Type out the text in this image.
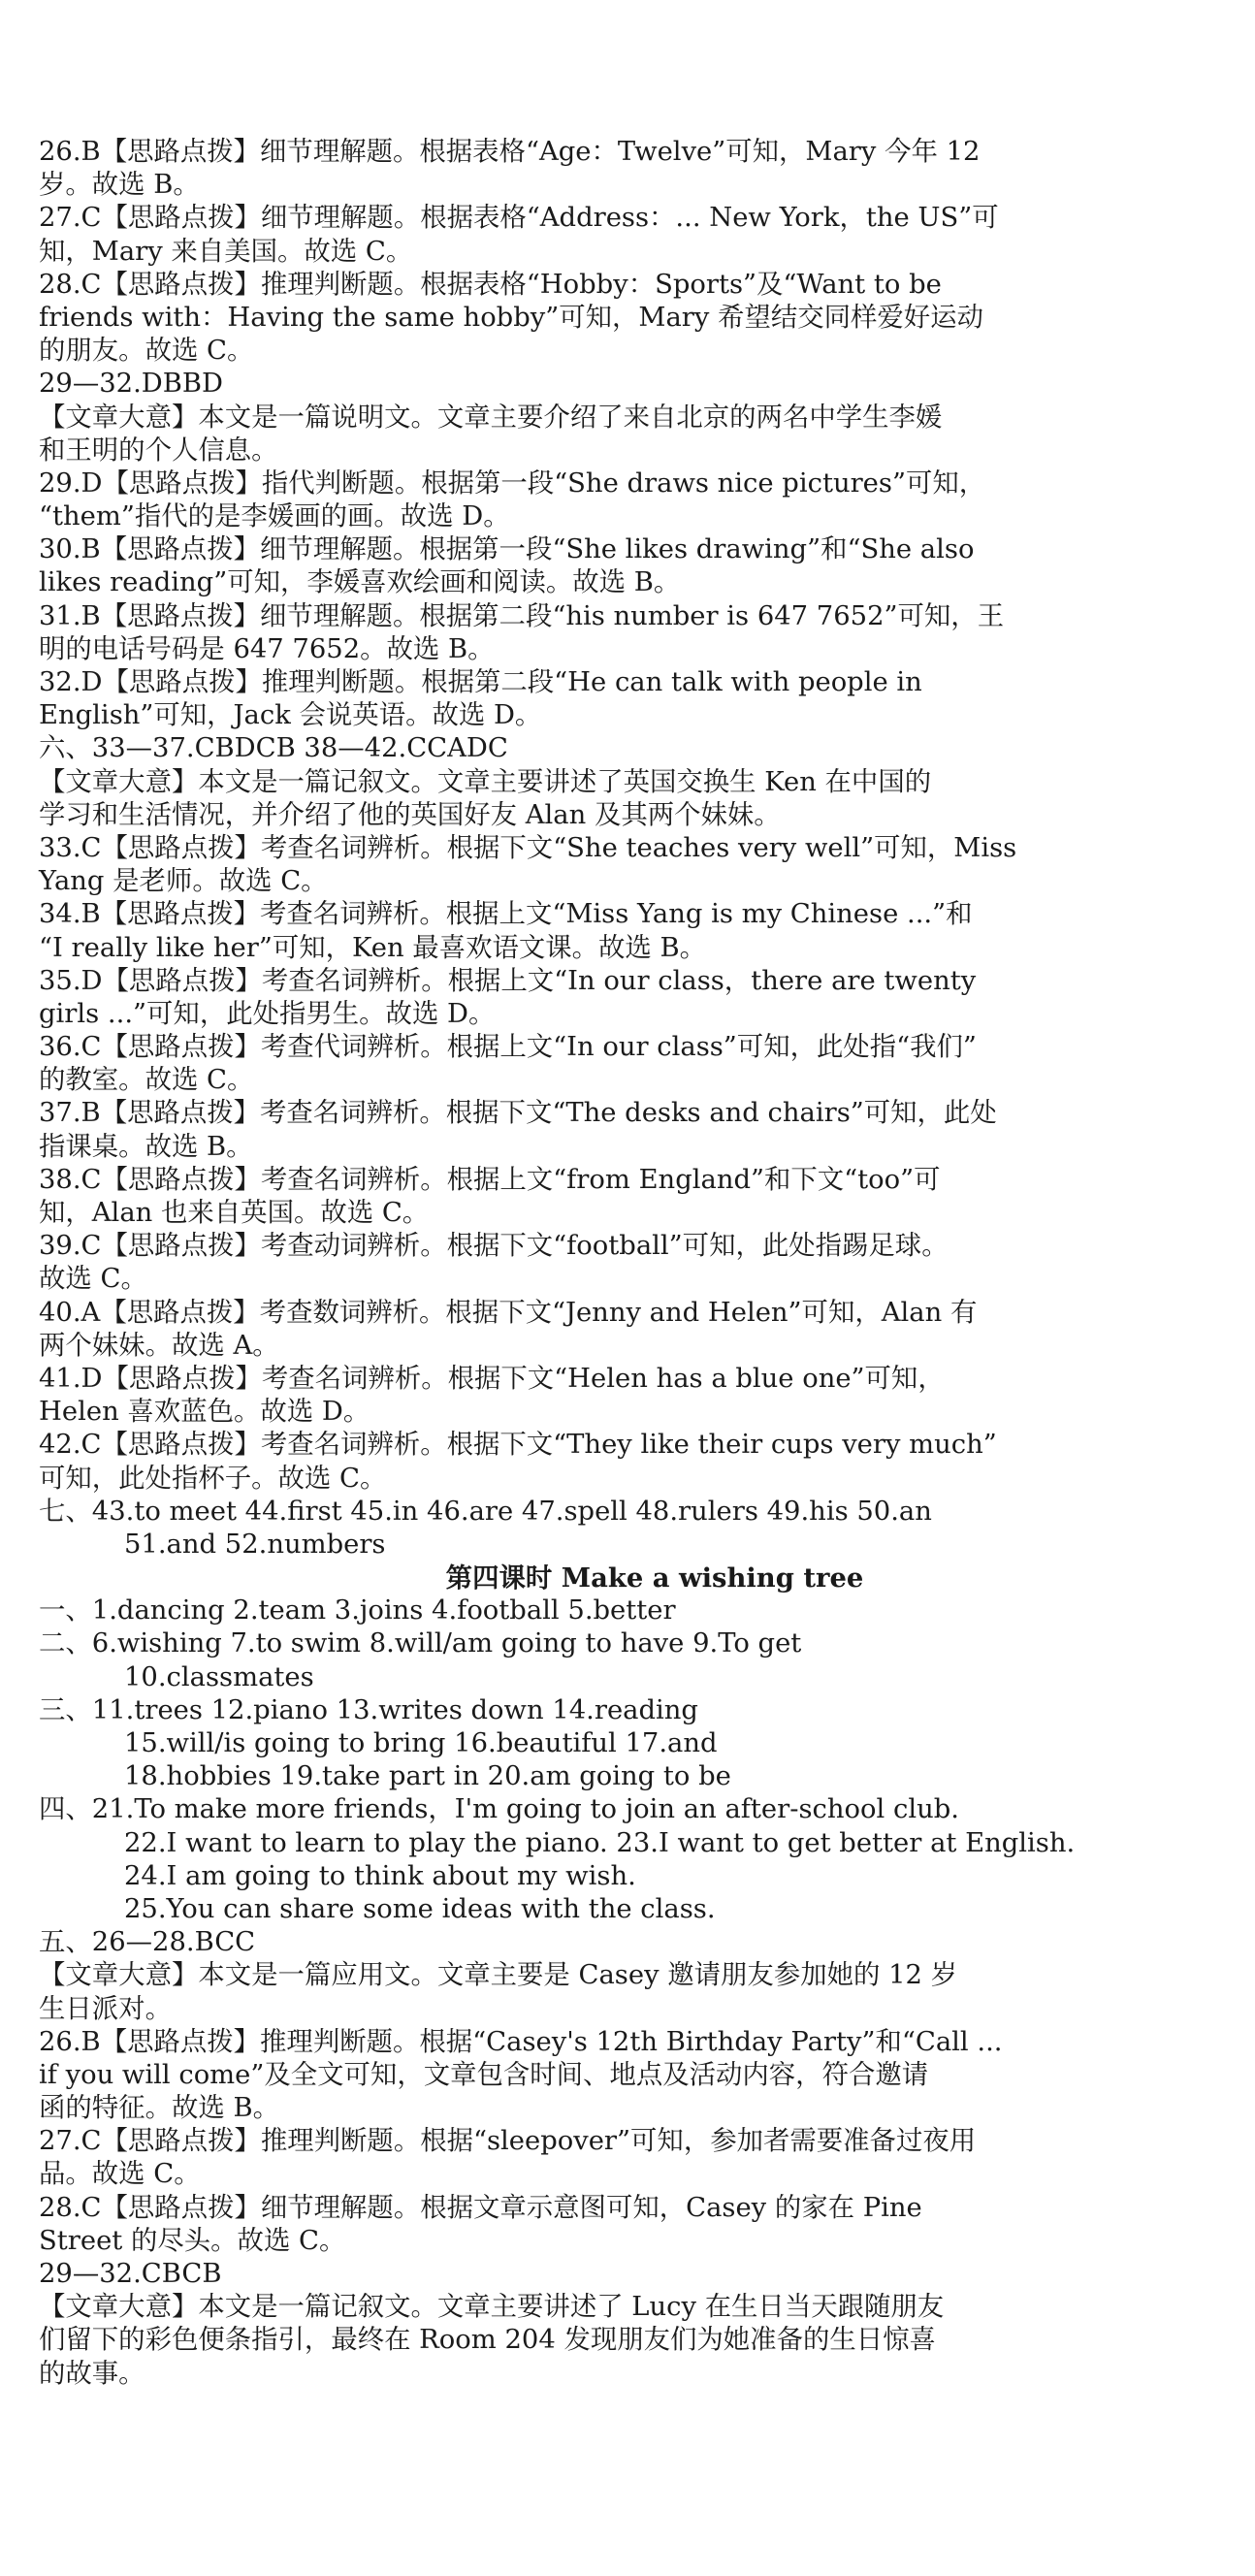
26.B【思路点拨】细节理解题。根据表格“Age：Twelve”可知，Mary 今年 12
岁。故选 B。
27.C【思路点拨】细节理解题。根据表格“Address：... New York，the US”可
知，Mary 来自美国。故选 C。
28.C【思路点拨】推理判断题。根据表格“Hobby：Sports”及“Want to be
friends with：Having the same hobby”可知，Mary 希望结交同样爱好运动
的朋友。故选 C。
29—32.DBBD
【文章大意】本文是一篇说明文。文章主要介绍了来自北京的两名中学生李媛
和王明的个人信息。
29.D【思路点拨】指代判断题。根据第一段“She draws nice pictures”可知，
“them”指代的是李媛画的画。故选 D。
30.B【思路点拨】细节理解题。根据第一段“She likes drawing”和“She also
likes reading”可知，李媛喜欢绘画和阅读。故选 B。
31.B【思路点拨】细节理解题。根据第二段“his number is 647 7652”可知，王
明的电话号码是 647 7652。故选 B。
32.D【思路点拨】推理判断题。根据第二段“He can talk with people in
English”可知，Jack 会说英语。故选 D。
六、33—37.CBDCB 38—42.CCADC
【文章大意】本文是一篇记叙文。文章主要讲述了英国交换生 Ken 在中国的
学习和生活情况，并介绍了他的英国好友 Alan 及其两个妹妹。
33.C【思路点拨】考查名词辨析。根据下文“She teaches very well”可知，Miss
Yang 是老师。故选 C。
34.B【思路点拨】考查名词辨析。根据上文“Miss Yang is my Chinese ...”和
“I really like her”可知，Ken 最喜欢语文课。故选 B。
35.D【思路点拨】考查名词辨析。根据上文“In our class，there are twenty
girls ...”可知，此处指男生。故选 D。
36.C【思路点拨】考查代词辨析。根据上文“In our class”可知，此处指“我们”
的教室。故选 C。
37.B【思路点拨】考查名词辨析。根据下文“The desks and chairs”可知，此处
指课桌。故选 B。
38.C【思路点拨】考查名词辨析。根据上文“from England”和下文“too”可
知，Alan 也来自英国。故选 C。
39.C【思路点拨】考查动词辨析。根据下文“football”可知，此处指踢足球。
故选 C。
40.A【思路点拨】考查数词辨析。根据下文“Jenny and Helen”可知，Alan 有
两个妹妹。故选 A。
41.D【思路点拨】考查名词辨析。根据下文“Helen has a blue one”可知，
Helen 喜欢蓝色。故选 D。
42.C【思路点拨】考查名词辨析。根据下文“They like their cups very much”
可知，此处指杯子。故选 C。
七、43.to meet 44.first 45.in 46.are 47.spell 48.rulers 49.his 50.an
51.and 52.numbers
第四课时 Make a wishing tree
一、1.dancing 2.team 3.joins 4.football 5.better
二、6.wishing 7.to swim 8.will/am going to have 9.To get
10.classmates
三、11.trees 12.piano 13.writes down 14.reading
15.will/is going to bring 16.beautiful 17.and
18.hobbies 19.take part in 20.am going to be
四、21.To make more friends，I'm going to join an after-school club.
22.I want to learn to play the piano. 23.I want to get better at English.
24.I am going to think about my wish.
25.You can share some ideas with the class.
五、26—28.BCC
【文章大意】本文是一篇应用文。文章主要是 Casey 邀请朋友参加她的 12 岁
生日派对。
26.B【思路点拨】推理判断题。根据“Casey's 12th Birthday Party”和“Call ...
if you will come”及全文可知，文章包含时间、地点及活动内容，符合邀请
函的特征。故选 B。
27.C【思路点拨】推理判断题。根据“sleepover”可知，参加者需要准备过夜用
品。故选 C。
28.C【思路点拨】细节理解题。根据文章示意图可知，Casey 的家在 Pine
Street 的尽头。故选 C。
29—32.CBCB
【文章大意】本文是一篇记叙文。文章主要讲述了 Lucy 在生日当天跟随朋友
们留下的彩色便条指引，最终在 Room 204 发现朋友们为她准备的生日惊喜
的故事。
